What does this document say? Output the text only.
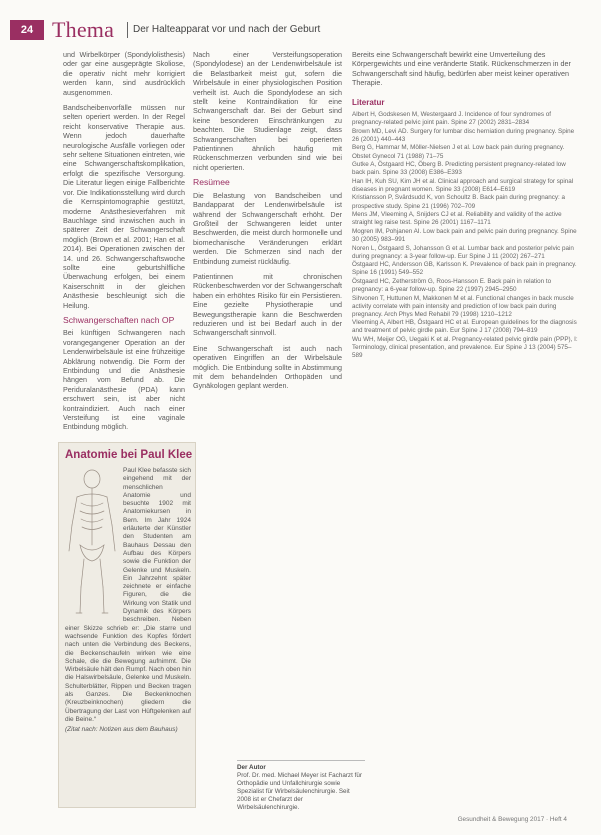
24 Thema Der Halteapparat vor und nach der Geburt

und Wirbelkörper (Spondylolisthesis) oder gar eine ausgeprägte Skoliose, die operativ nicht mehr korrigiert werden kann, sind ausdrücklich ausgenommen.

Bandscheibenvorfälle müssen nur selten operiert werden. In der Regel reicht konservative Therapie aus. Wenn jedoch dauerhafte neurologische Ausfälle vorliegen oder sehr seltene Situationen eintreten, wie eine Schwangerschaftskomplikation, erfolgt die spezifische Versorgung. Die Literatur liegen einige Fallberichte vor. Die Indikationsstellung wird durch die Kernspintomographie gestützt, moderne Anästhesieverfahren mit Bauchlage sind inzwischen auch in späterer Zeit der Schwangerschaft möglich (Brown et al. 2001; Han et al. 2014). Bei Operationen zwischen der 14. und 26. Schwangerschaftswoche sollte eine geburtshilfliche Überwachung erfolgen, bei einem Kaiserschnitt in der gleichen Anästhesie beschleunigt sich die Heilung.

Schwangerschaften nach OP

Bei künftigen Schwangeren nach vorangegangener Operation an der Lendenwirbelsäule ist eine frühzeitige Abklärung notwendig. Die Form der Entbindung und die Anästhesie hängen vom Befund ab. Die Periduralanästhesie (PDA) kann erschwert sein, ist aber nicht kontraindiziert. Auch nach einer Versteifung ist eine vaginale Entbindung möglich.

Nach einer Versteifungsoperation (Spondylodese) an der Lendenwirbelsäule ist die Belastbarkeit meist gut, sofern die Wirbelsäule in einer physiologischen Position verheilt ist. Auch die Spondylodese an sich stellt keine Kontraindikation für eine Schwangerschaft dar. Bei der Geburt sind keine besonderen Einschränkungen zu beachten. Die Studienlage zeigt, dass Schwangerschaften bei operierten Patientinnen ähnlich häufig mit Rückenschmerzen verbunden sind wie bei nicht operierten.

Resümee

Die Belastung von Bandscheiben und Bandapparat der Lendenwirbelsäule ist während der Schwangerschaft erhöht. Der Großteil der Schwangeren leidet unter Beschwerden, die meist durch hormonelle und biomechanische Veränderungen erklärt werden. Die Schmerzen sind nach der Entbindung zumeist rückläufig.

Patientinnen mit chronischen Rückenbeschwerden vor der Schwangerschaft haben ein erhöhtes Risiko für ein Persistieren. Eine gezielte Physiotherapie und Bewegungstherapie kann die Beschwerden reduzieren und ist bei Bedarf auch in der Schwangerschaft sinnvoll.

Eine Schwangerschaft ist auch nach operativen Eingriffen an der Wirbelsäule möglich. Die Entbindung sollte in Abstimmung mit dem behandelnden Orthopäden und Gynäkologen geplant werden.

Bereits eine Schwangerschaft bewirkt eine Umverteilung des Körpergewichts und eine veränderte Statik. Rückenschmerzen in der Schwangerschaft sind häufig, bedürfen aber meist keiner operativen Therapie.

Literatur
Albert H, Godskesen M, Westergaard J. Incidence of four syndromes of pregnancy-related pelvic joint pain. Spine 27 (2002) 2831–2834
Brown MD, Levi AD. Surgery for lumbar disc herniation during pregnancy. Spine 26 (2001) 440–443
Berg G, Hammar M, Möller-Nielsen J et al. Low back pain during pregnancy. Obstet Gynecol 71 (1988) 71–75
Gutke A, Östgaard HC, Öberg B. Predicting persistent pregnancy-related low back pain. Spine 33 (2008) E386–E393
Han IH, Kuh SU, Kim JH et al. Clinical approach and surgical strategy for spinal diseases in pregnant women. Spine 33 (2008) E614–E619
Kristiansson P, Svärdsudd K, von Schoultz B. Back pain during pregnancy: a prospective study. Spine 21 (1996) 702–709
Mens JM, Vleeming A, Snijders CJ et al. Reliability and validity of the active straight leg raise test. Spine 26 (2001) 1167–1171
Mogren IM, Pohjanen AI. Low back pain and pelvic pain during pregnancy. Spine 30 (2005) 983–991
Noren L, Östgaard S, Johansson G et al. Lumbar back and posterior pelvic pain during pregnancy: a 3-year follow-up. Eur Spine J 11 (2002) 267–271
Östgaard HC, Andersson GB, Karlsson K. Prevalence of back pain in pregnancy. Spine 16 (1991) 549–552
Östgaard HC, Zetherström G, Roos-Hansson E. Back pain in relation to pregnancy: a 6-year follow-up. Spine 22 (1997) 2945–2950
Sihvonen T, Huttunen M, Makkonen M et al. Functional changes in back muscle activity correlate with pain intensity and prediction of low back pain during pregnancy. Arch Phys Med Rehabil 79 (1998) 1210–1212
Vleeming A, Albert HB, Östgaard HC et al. European guidelines for the diagnosis and treatment of pelvic girdle pain. Eur Spine J 17 (2008) 794–819
Wu WH, Meijer OG, Uegaki K et al. Pregnancy-related pelvic girdle pain (PPP), I: Terminology, clinical presentation, and prevalence. Eur Spine J 13 (2004) 575–589
Anatomie bei Paul Klee
Paul Klee befasste sich eingehend mit der menschlichen Anatomie und besuchte 1902 mit Anatomiekursen in Bern. Im Jahr 1924 erläuterte der Künstler den Studenten am Bauhaus Dessau den Aufbau des Körpers sowie die Funktion der Gelenke und Muskeln. Ein Jahrzehnt später zeichnete er einfache Figuren, die die Wirkung von Statik und Dynamik des Körpers beschreiben. Neben einer Skizze schrieb er: „Die starre und wachsende Funktion des Kopfes fördert nach unten die Verbindung des Beckens, die Beckenschaufeln wirken wie eine Schale, die die Bewegung aufnimmt. Die Wirbelsäule hält den Rumpf. Nach oben hin die Halswirbelsäule, Gelenke und Muskeln. Schulterblätter, Rippen und Becken tragen als Ganzes. Die Beckenknochen (Kreuzbeinknochen) gliedern die Übertragung der Last von Hüftgelenken auf die Beine.“
(Zitat nach: Notizen aus dem Bauhaus)
Der Autor
Prof. Dr. med. Michael Meyer ist Facharzt für Orthopädie und Unfallchirurgie sowie Spezialist für Wirbelsäulenchirurgie. Seit 2008 ist er Chefarzt der Wirbelsäulenchirurgie.
Gesundheit & Bewegung 2017 · Heft 4
